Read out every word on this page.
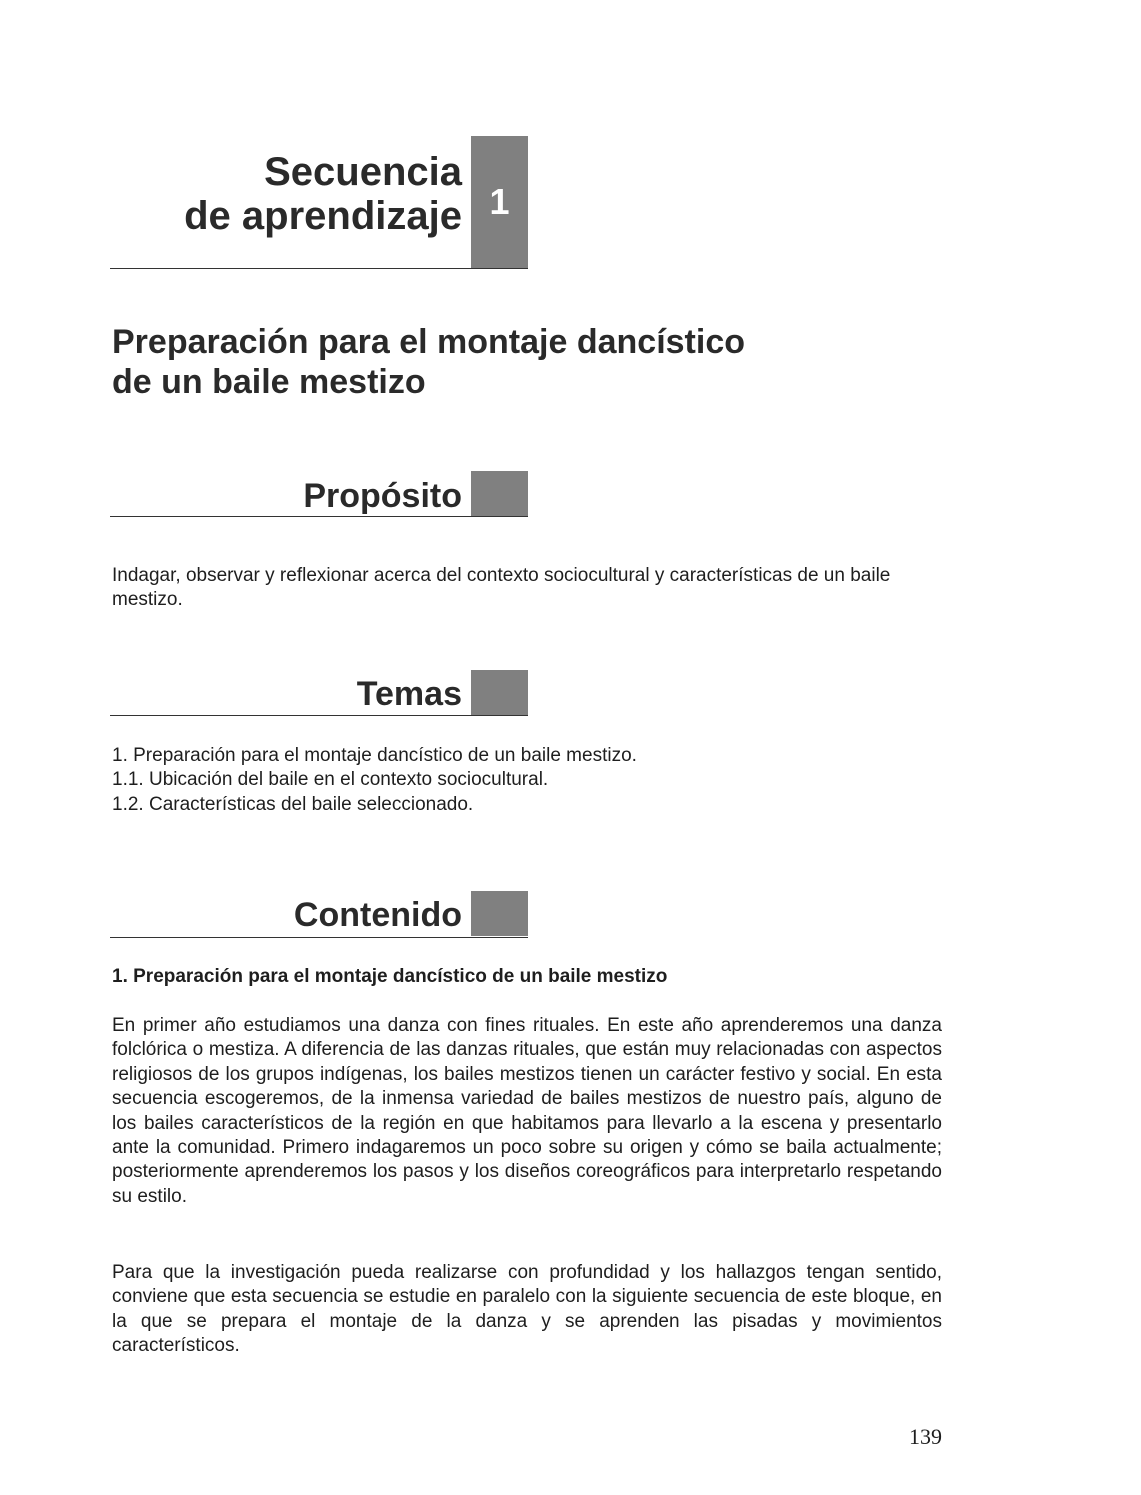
Secuencia
de aprendizaje 1
Preparación para el montaje dancístico
de un baile mestizo
Propósito
Indagar, observar y reflexionar acerca del contexto sociocultural y características de un baile mestizo.
Temas
1. Preparación para el montaje dancístico de un baile mestizo.
1.1. Ubicación del baile en el contexto sociocultural.
1.2. Características del baile seleccionado.
Contenido
1. Preparación para el montaje dancístico de un baile mestizo
En primer año estudiamos una danza con fines rituales. En este año aprenderemos una danza folclórica o mestiza. A diferencia de las danzas rituales, que están muy relacionadas con aspectos religiosos de los grupos indígenas, los bailes mestizos tienen un carácter festivo y social. En esta secuencia escogeremos, de la inmensa variedad de bailes mestizos de nuestro país, alguno de los bailes característicos de la región en que habitamos para llevarlo a la escena y presentarlo ante la comunidad. Primero indagaremos un poco sobre su origen y cómo se baila actualmente; posteriormente aprenderemos los pasos y los diseños coreográficos para interpretarlo respetando su estilo.
Para que la investigación pueda realizarse con profundidad y los hallazgos tengan sentido, conviene que esta secuencia se estudie en paralelo con la siguiente secuencia de este bloque, en la que se prepara el montaje de la danza y se aprenden las pisadas y movimientos característicos.
139
